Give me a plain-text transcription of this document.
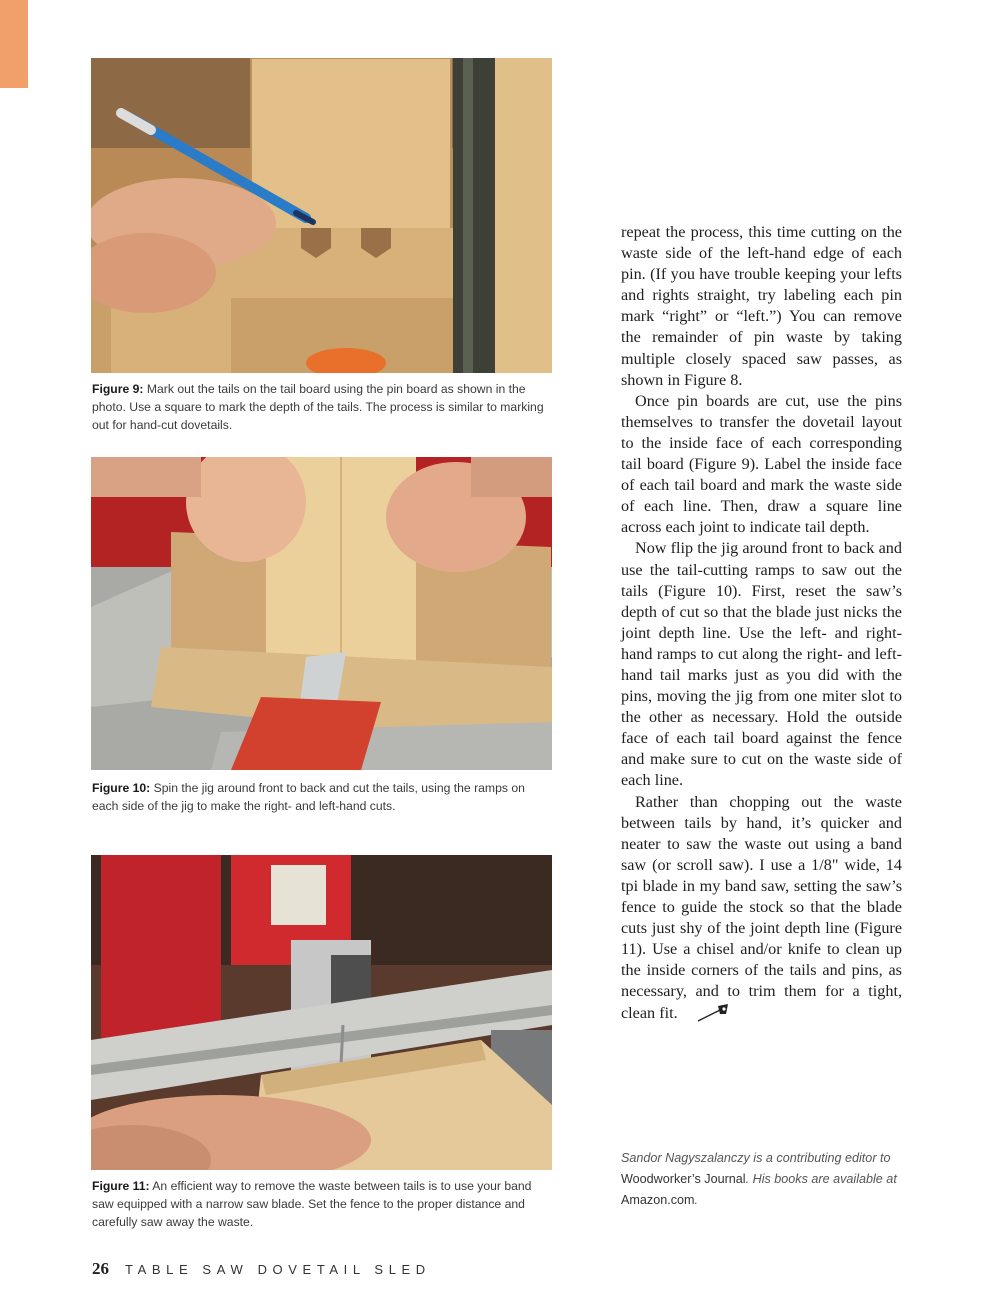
Figure 9: Mark out the tails on the tail board using the pin board as shown in the photo. Use a square to mark the depth of the tails. The process is similar to marking out for hand-cut dovetails.
Figure 10: Spin the jig around front to back and cut the tails, using the ramps on each side of the jig to make the right- and left-hand cuts.
Figure 11: An efficient way to remove the waste between tails is to use your band saw equipped with a narrow saw blade. Set the fence to the proper distance and carefully saw away the waste.

repeat the process, this time cutting on the waste side of the left-hand edge of each pin. (If you have trouble keeping your lefts and rights straight, try labeling each pin mark “right” or “left.”) You can remove the remainder of pin waste by taking multiple closely spaced saw passes, as shown in Figure 8.

Once pin boards are cut, use the pins themselves to transfer the dovetail layout to the inside face of each corresponding tail board (Figure 9). Label the inside face of each tail board and mark the waste side of each line. Then, draw a square line across each joint to indicate tail depth.

Now flip the jig around front to back and use the tail-cutting ramps to saw out the tails (Figure 10). First, reset the saw’s depth of cut so that the blade just nicks the joint depth line. Use the left- and right-hand ramps to cut along the right- and left-hand tail marks just as you did with the pins, moving the jig from one miter slot to the other as necessary. Hold the outside face of each tail board against the fence and make sure to cut on the waste side of each line.

Rather than chopping out the waste between tails by hand, it’s quicker and neater to saw the waste out using a band saw (or scroll saw). I use a 1/8" wide, 14 tpi blade in my band saw, setting the saw’s fence to guide the stock so that the blade cuts just shy of the joint depth line (Figure 11). Use a chisel and/or knife to clean up the inside corners of the tails and pins, as necessary, and to trim them for a tight, clean fit.

Sandor Nagyszalanczy is a contributing editor to Woodworker’s Journal. His books are available at Amazon.com.
26 TABLE SAW DOVETAIL SLED
